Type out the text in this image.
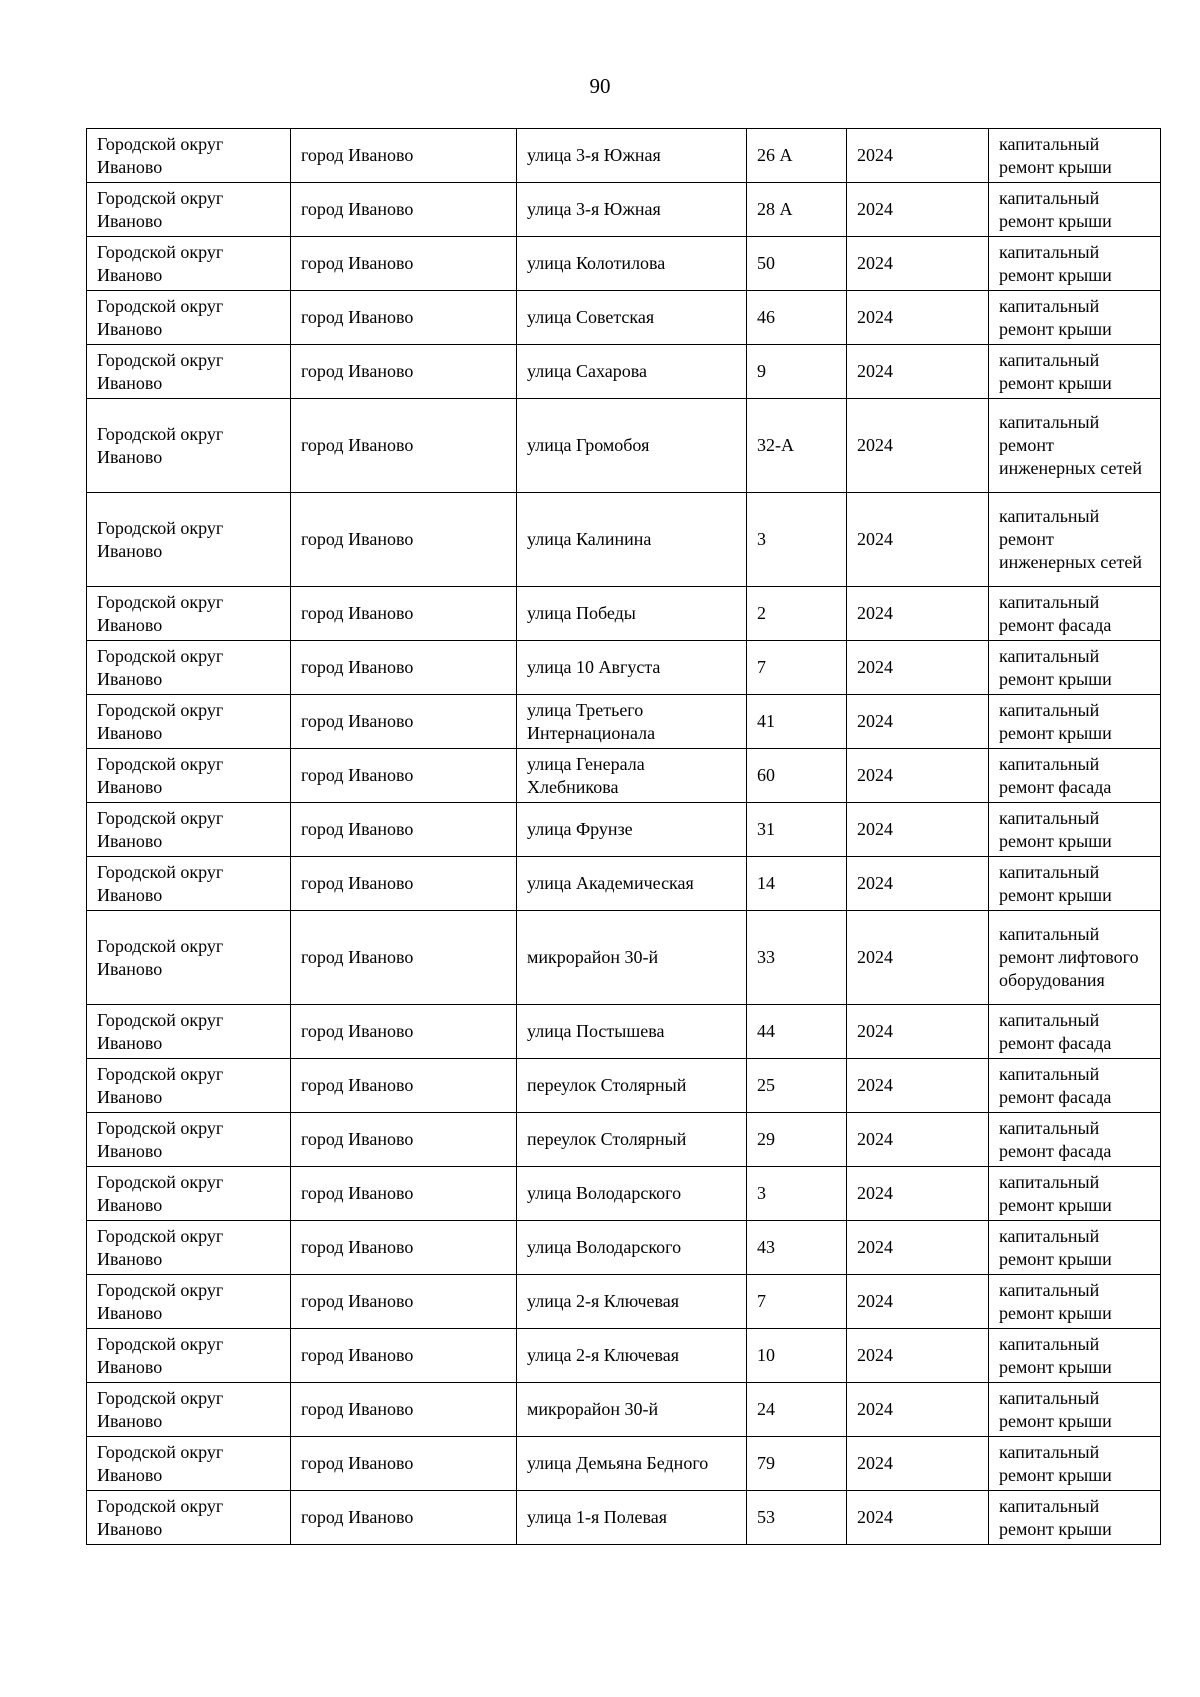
90
Городской округ Иваново	город Иваново	улица 3-я Южная	26 А	2024	капитальный ремонт крыши
Городской округ Иваново	город Иваново	улица 3-я Южная	28 А	2024	капитальный ремонт крыши
Городской округ Иваново	город Иваново	улица Колотилова	50	2024	капитальный ремонт крыши
Городской округ Иваново	город Иваново	улица Советская	46	2024	капитальный ремонт крыши
Городской округ Иваново	город Иваново	улица Сахарова	9	2024	капитальный ремонт крыши
Городской округ Иваново	город Иваново	улица Громобоя	32-А	2024	капитальный ремонт инженерных сетей
Городской округ Иваново	город Иваново	улица Калинина	3	2024	капитальный ремонт инженерных сетей
Городской округ Иваново	город Иваново	улица Победы	2	2024	капитальный ремонт фасада
Городской округ Иваново	город Иваново	улица 10 Августа	7	2024	капитальный ремонт крыши
Городской округ Иваново	город Иваново	улица Третьего Интернационала	41	2024	капитальный ремонт крыши
Городской округ Иваново	город Иваново	улица Генерала Хлебникова	60	2024	капитальный ремонт фасада
Городской округ Иваново	город Иваново	улица Фрунзе	31	2024	капитальный ремонт крыши
Городской округ Иваново	город Иваново	улица Академическая	14	2024	капитальный ремонт крыши
Городской округ Иваново	город Иваново	микрорайон 30-й	33	2024	капитальный ремонт лифтового оборудования
Городской округ Иваново	город Иваново	улица Постышева	44	2024	капитальный ремонт фасада
Городской округ Иваново	город Иваново	переулок Столярный	25	2024	капитальный ремонт фасада
Городской округ Иваново	город Иваново	переулок Столярный	29	2024	капитальный ремонт фасада
Городской округ Иваново	город Иваново	улица Володарского	3	2024	капитальный ремонт крыши
Городской округ Иваново	город Иваново	улица Володарского	43	2024	капитальный ремонт крыши
Городской округ Иваново	город Иваново	улица 2-я Ключевая	7	2024	капитальный ремонт крыши
Городской округ Иваново	город Иваново	улица 2-я Ключевая	10	2024	капитальный ремонт крыши
Городской округ Иваново	город Иваново	микрорайон 30-й	24	2024	капитальный ремонт крыши
Городской округ Иваново	город Иваново	улица Демьяна Бедного	79	2024	капитальный ремонт крыши
Городской округ Иваново	город Иваново	улица 1-я Полевая	53	2024	капитальный ремонт крыши
